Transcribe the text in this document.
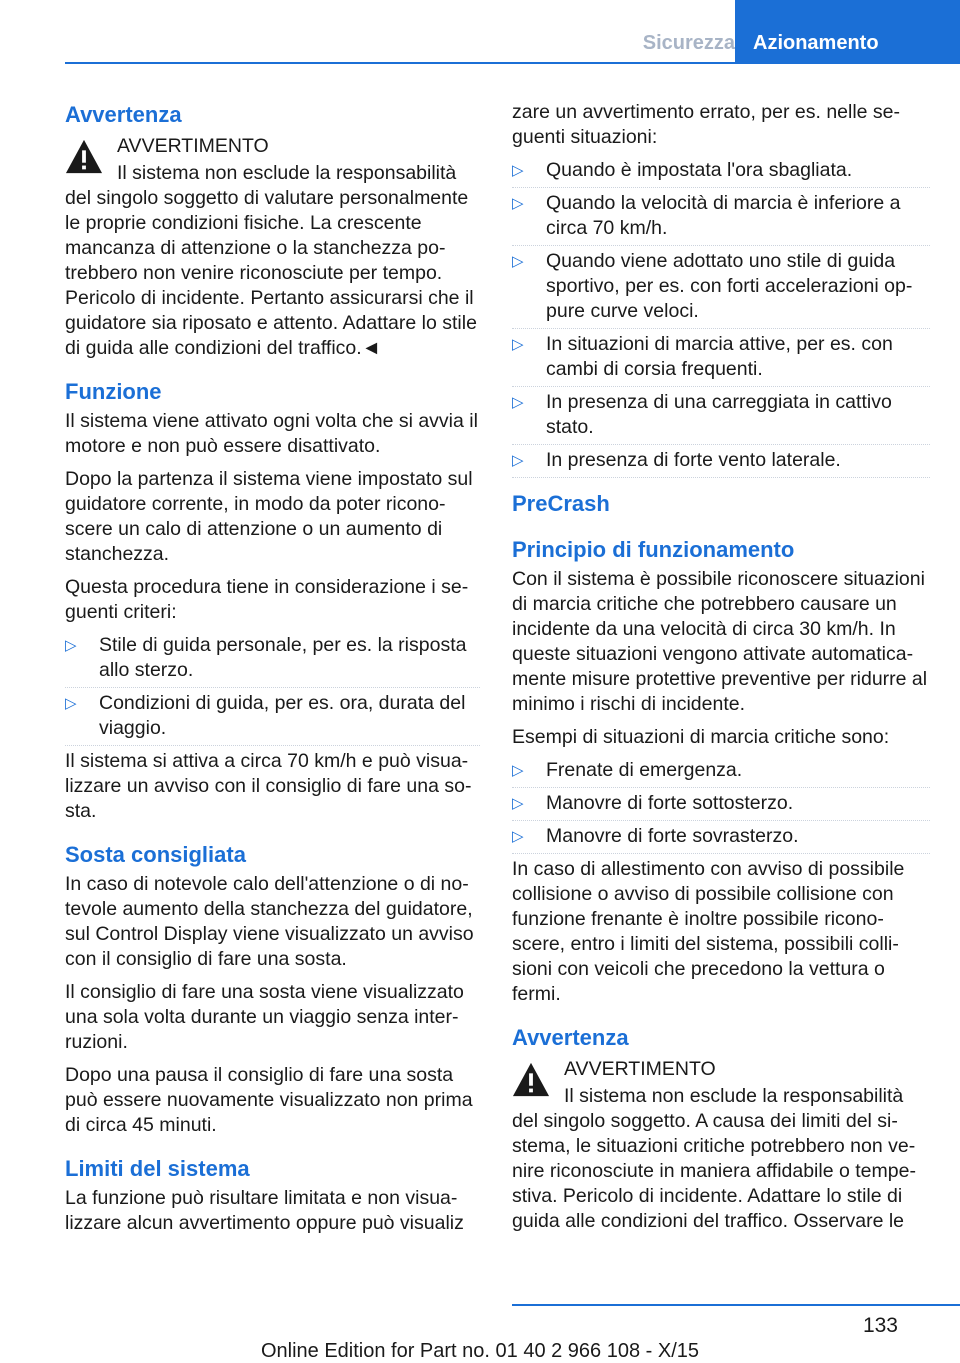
Sicurezza Azionamento
Avvertenza
AVVERTIMENTO

Il sistema non esclude la responsabilità del singolo soggetto di valutare personalmente le proprie condizioni fisiche. La crescente mancanza di attenzione o la stanchezza potrebbero non venire riconosciute per tempo. Pericolo di incidente. Pertanto assicurarsi che il guidatore sia riposato e attento. Adattare lo stile di guida alle condizioni del traffico.◄

Funzione

Il sistema viene attivato ogni volta che si avvia il motore e non può essere disattivato.

Dopo la partenza il sistema viene impostato sul guidatore corrente, in modo da poter riconoscere un calo di attenzione o un aumento di stanchezza.

Questa procedura tiene in considerazione i seguenti criteri:

▷ Stile di guida personale, per es. la risposta allo sterzo.
▷ Condizioni di guida, per es. ora, durata del viaggio.

Il sistema si attiva a circa 70 km/h e può visualizzare un avviso con il consiglio di fare una sosta.

Sosta consigliata

In caso di notevole calo dell'attenzione o di notevole aumento della stanchezza del guidatore, sul Control Display viene visualizzato un avviso con il consiglio di fare una sosta.

Il consiglio di fare una sosta viene visualizzato una sola volta durante un viaggio senza interruzioni.

Dopo una pausa il consiglio di fare una sosta può essere nuovamente visualizzato non prima di circa 45 minuti.

Limiti del sistema

La funzione può risultare limitata e non visualizzare alcun avvertimento oppure può visualiz

zare un avvertimento errato, per es. nelle seguenti situazioni:

▷ Quando è impostata l'ora sbagliata.
▷ Quando la velocità di marcia è inferiore a circa 70 km/h.
▷ Quando viene adottato uno stile di guida sportivo, per es. con forti accelerazioni oppure curve veloci.
▷ In situazioni di marcia attive, per es. con cambi di corsia frequenti.
▷ In presenza di una carreggiata in cattivo stato.
▷ In presenza di forte vento laterale.
PreCrash
Principio di funzionamento

Con il sistema è possibile riconoscere situazioni di marcia critiche che potrebbero causare un incidente da una velocità di circa 30 km/h. In queste situazioni vengono attivate automaticamente misure protettive preventive per ridurre al minimo i rischi di incidente.

Esempi di situazioni di marcia critiche sono:

▷ Frenate di emergenza.
▷ Manovre di forte sottosterzo.
▷ Manovre di forte sovrasterzo.

In caso di allestimento con avviso di possibile collisione o avviso di possibile collisione con funzione frenante è inoltre possibile riconoscere, entro i limiti del sistema, possibili collisioni con veicoli che precedono la vettura o fermi.

Avvertenza
AVVERTIMENTO

Il sistema non esclude la responsabilità del singolo soggetto. A causa dei limiti del sistema, le situazioni critiche potrebbero non venire riconosciute in maniera affidabile o tempestiva. Pericolo di incidente. Adattare lo stile di guida alle condizioni del traffico. Osservare le

133
Online Edition for Part no. 01 40 2 966 108 - X/15
